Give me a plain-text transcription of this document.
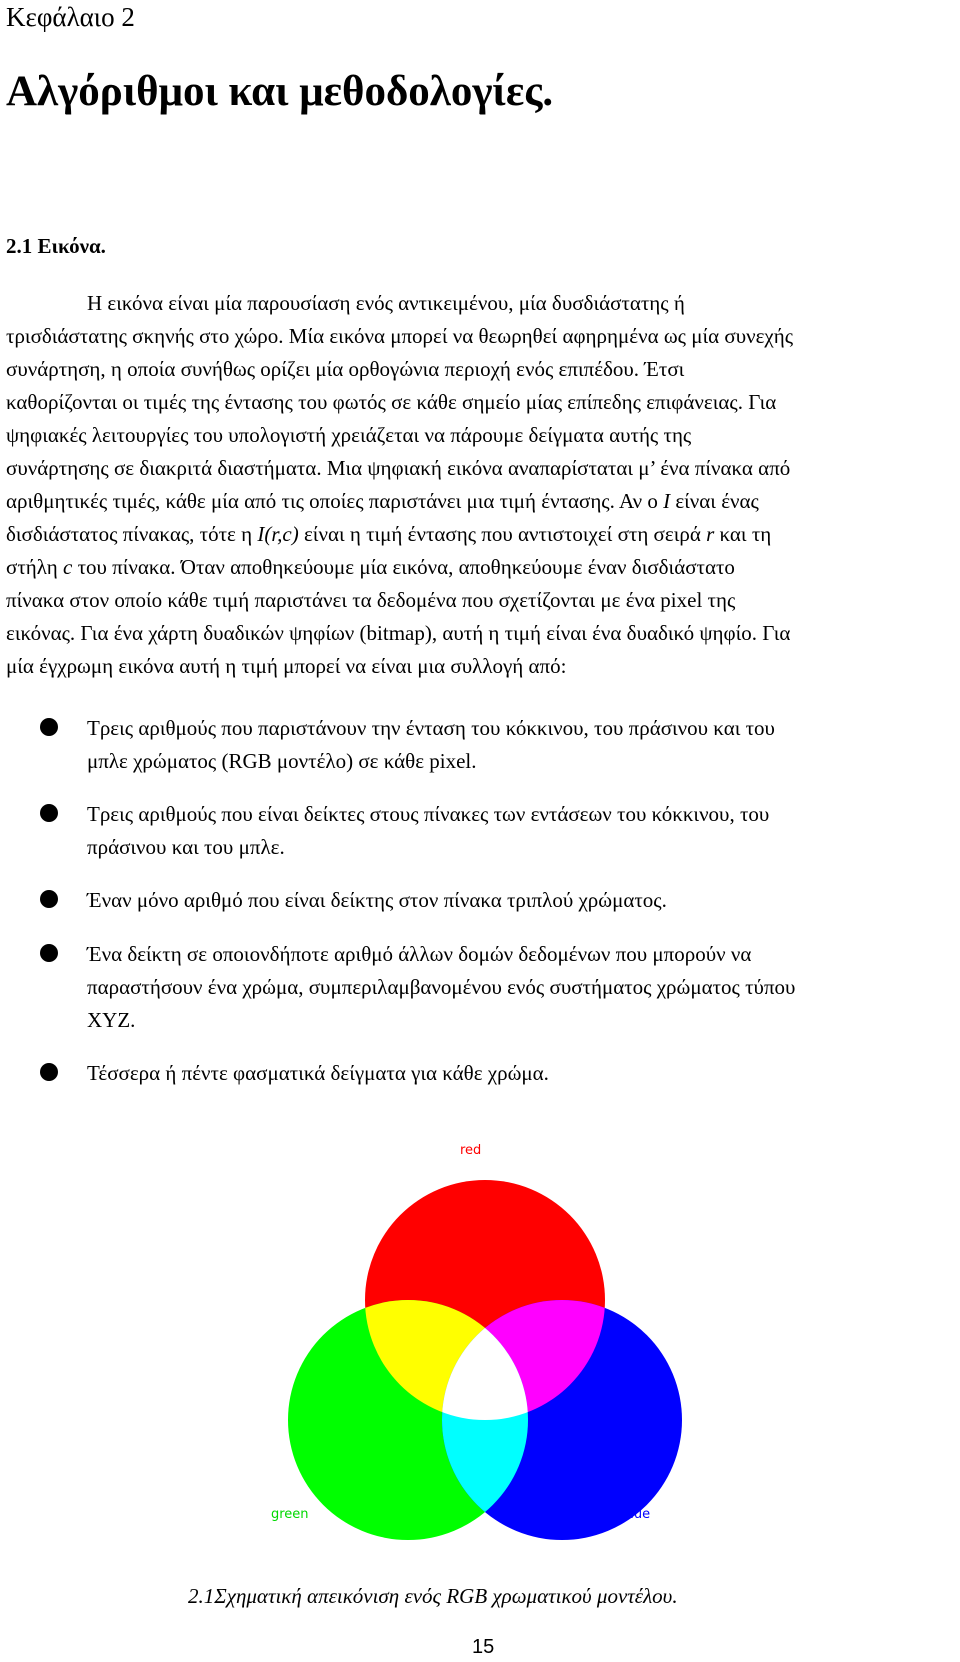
Κεφάλαιο 2
Αλγόριθμοι και μεθοδολογίες.
2.1 Εικόνα.
Η εικόνα είναι μία παρουσίαση ενός αντικειμένου, μία δυσδιάστατης ή
τρισδιάστατης σκηνής στο χώρο. Μία εικόνα μπορεί να θεωρηθεί αφηρημένα ως μία συνεχής
συνάρτηση, η οποία συνήθως ορίζει μία ορθογώνια περιοχή ενός επιπέδου. Έτσι
καθορίζονται οι τιμές της έντασης του φωτός σε κάθε σημείο μίας επίπεδης επιφάνειας. Για
ψηφιακές λειτουργίες του υπολογιστή χρειάζεται να πάρουμε δείγματα αυτής της
συνάρτησης σε διακριτά διαστήματα. Μια ψηφιακή εικόνα αναπαρίσταται μ’ ένα πίνακα από
αριθμητικές τιμές, κάθε μία από τις οποίες παριστάνει μια τιμή έντασης. Αν ο I είναι ένας
δισδιάστατος πίνακας, τότε η I(r,c) είναι η τιμή έντασης που αντιστοιχεί στη σειρά r και τη
στήλη c του πίνακα. Όταν αποθηκεύουμε μία εικόνα, αποθηκεύουμε έναν δισδιάστατο
πίνακα στον οποίο κάθε τιμή παριστάνει τα δεδομένα που σχετίζονται με ένα pixel της
εικόνας. Για ένα χάρτη δυαδικών ψηφίων (bitmap), αυτή η τιμή είναι ένα δυαδικό ψηφίο. Για
μία έγχρωμη εικόνα αυτή η τιμή μπορεί να είναι μια συλλογή από:
Τρεις αριθμούς που παριστάνουν την ένταση του κόκκινου, του πράσινου και του
μπλε χρώματος (RGB μοντέλο) σε κάθε pixel.
Τρεις αριθμούς που είναι δείκτες στους πίνακες των εντάσεων του κόκκινου, του
πράσινου και του μπλε.
Έναν μόνο αριθμό που είναι δείκτης στον πίνακα τριπλού χρώματος.
Ένα δείκτη σε οποιονδήποτε αριθμό άλλων δομών δεδομένων που μπορούν να
παραστήσουν ένα χρώμα, συμπεριλαμβανομένου ενός συστήματος χρώματος τύπου
XYZ.
Τέσσερα ή πέντε φασματικά δείγματα για κάθε χρώμα.
red
green	blue
2.1Σχηματική απεικόνιση ενός RGB χρωματικού μοντέλου.
15
